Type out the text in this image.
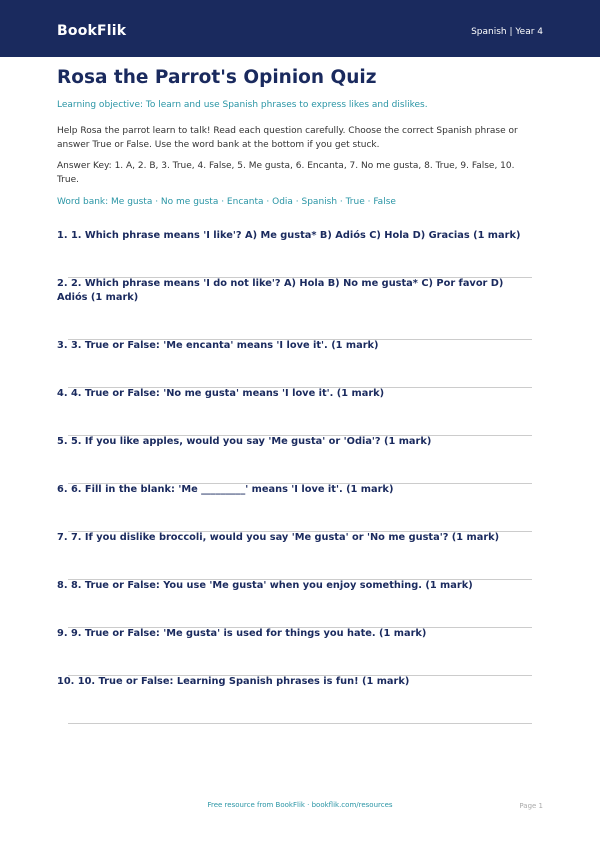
BookFlik	Spanish | Year 4
Rosa the Parrot's Opinion Quiz
Learning objective: To learn and use Spanish phrases to express likes and dislikes.
Help Rosa the parrot learn to talk! Read each question carefully. Choose the correct Spanish phrase or answer True or False. Use the word bank at the bottom if you get stuck.
Answer Key: 1. A, 2. B, 3. True, 4. False, 5. Me gusta, 6. Encanta, 7. No me gusta, 8. True, 9. False, 10. True.
Word bank: Me gusta · No me gusta · Encanta · Odia · Spanish · True · False
1. 1. Which phrase means 'I like'? A) Me gusta* B) Adiós C) Hola D) Gracias (1 mark)
2. 2. Which phrase means 'I do not like'? A) Hola B) No me gusta* C) Por favor D) Adiós (1 mark)
3. 3. True or False: 'Me encanta' means 'I love it'. (1 mark)
4. 4. True or False: 'No me gusta' means 'I love it'. (1 mark)
5. 5. If you like apples, would you say 'Me gusta' or 'Odia'? (1 mark)
6. 6. Fill in the blank: 'Me _________' means 'I love it'. (1 mark)
7. 7. If you dislike broccoli, would you say 'Me gusta' or 'No me gusta'? (1 mark)
8. 8. True or False: You use 'Me gusta' when you enjoy something. (1 mark)
9. 9. True or False: 'Me gusta' is used for things you hate. (1 mark)
10. 10. True or False: Learning Spanish phrases is fun! (1 mark)
Free resource from BookFlik · bookflik.com/resources	Page 1
